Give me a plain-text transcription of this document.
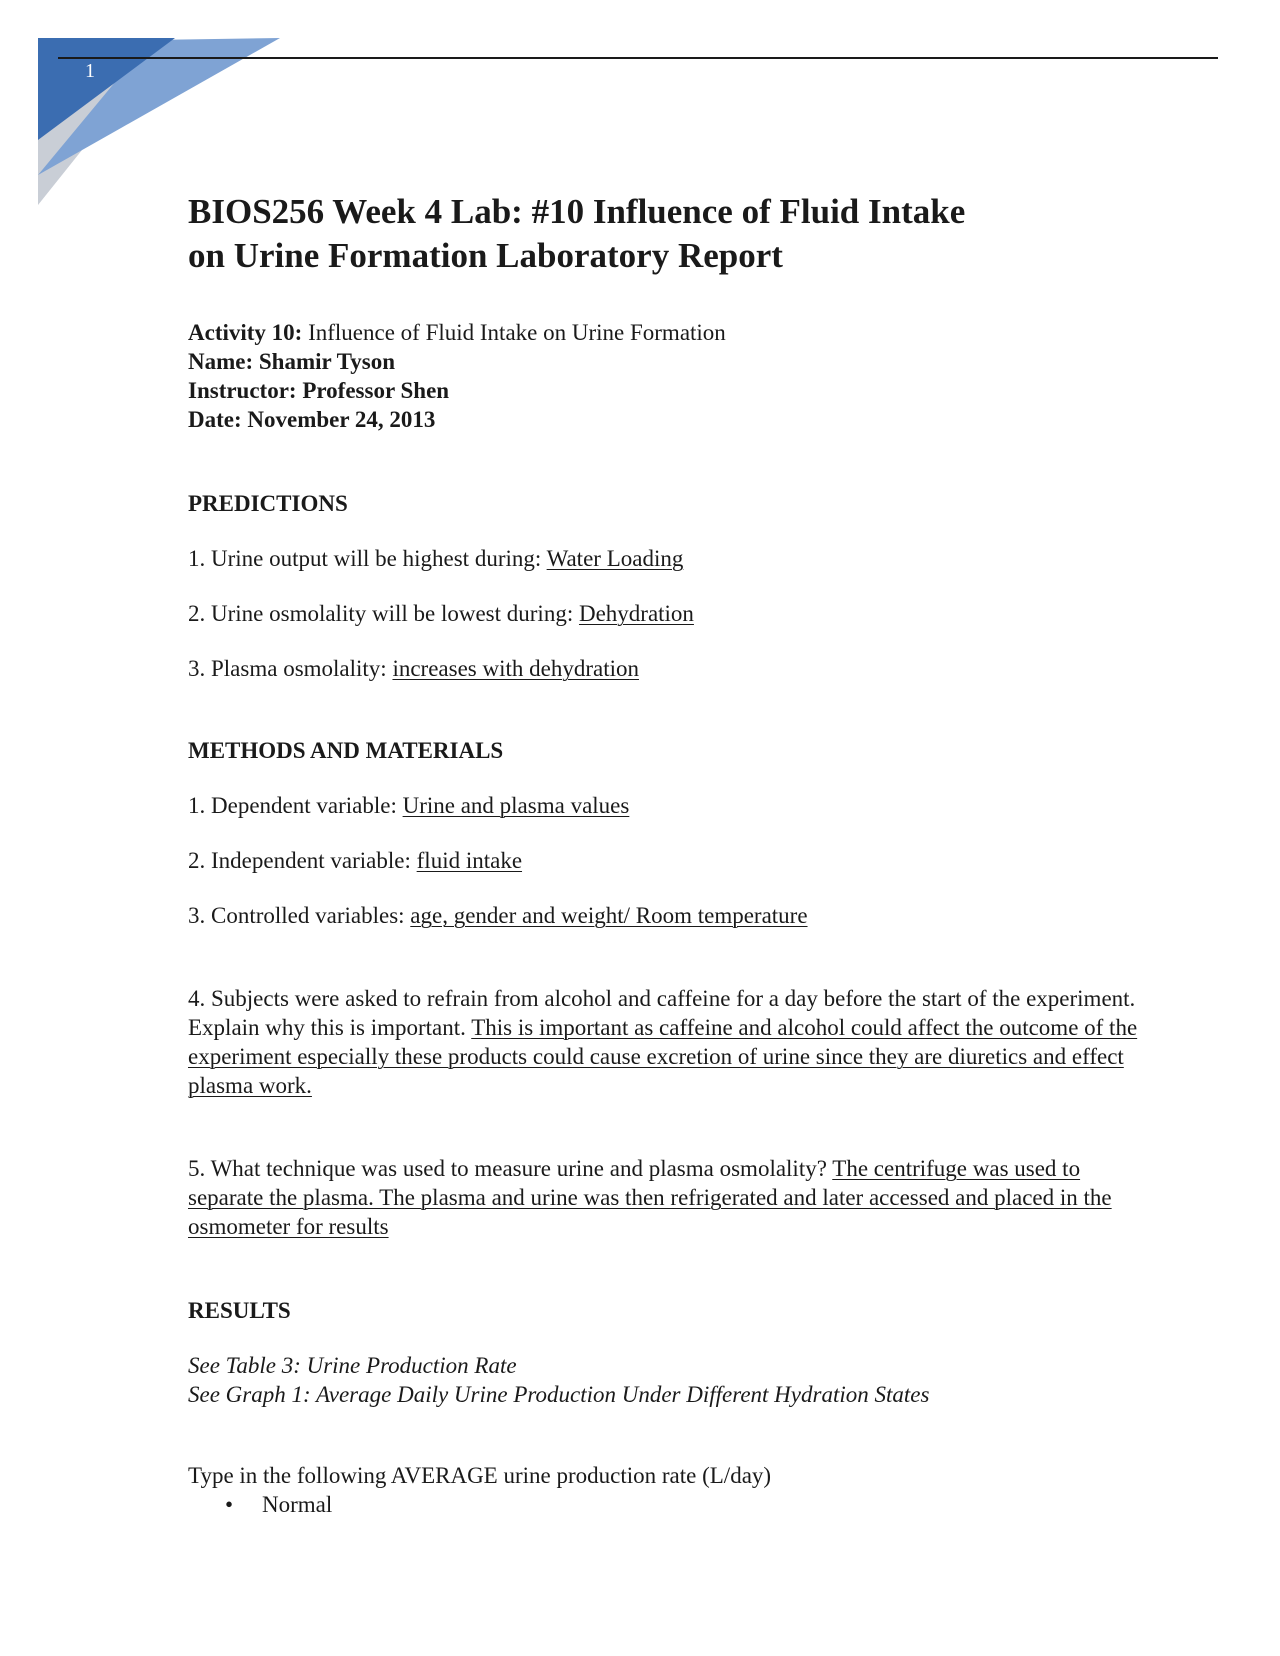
1
BIOS256 Week 4 Lab: #10 Influence of Fluid Intake on Urine Formation Laboratory Report

Activity 10: Influence of Fluid Intake on Urine Formation

Name: Shamir Tyson

Instructor: Professor Shen

Date: November 24, 2013

PREDICTIONS

1. Urine output will be highest during: Water Loading

2. Urine osmolality will be lowest during: Dehydration

3. Plasma osmolality: increases with dehydration

METHODS AND MATERIALS

1. Dependent variable: Urine and plasma values

2. Independent variable: fluid intake

3. Controlled variables: age, gender and weight/ Room temperature

4. Subjects were asked to refrain from alcohol and caffeine for a day before the start of the experiment. Explain why this is important. This is important as caffeine and alcohol could affect the outcome of the experiment especially these products could cause excretion of urine since they are diuretics and effect plasma work.

5. What technique was used to measure urine and plasma osmolality? The centrifuge was used to separate the plasma. The plasma and urine was then refrigerated and later accessed and placed in the osmometer for results

RESULTS

See Table 3: Urine Production Rate

See Graph 1: Average Daily Urine Production Under Different Hydration States

Type in the following AVERAGE urine production rate (L/day)

• Normal
